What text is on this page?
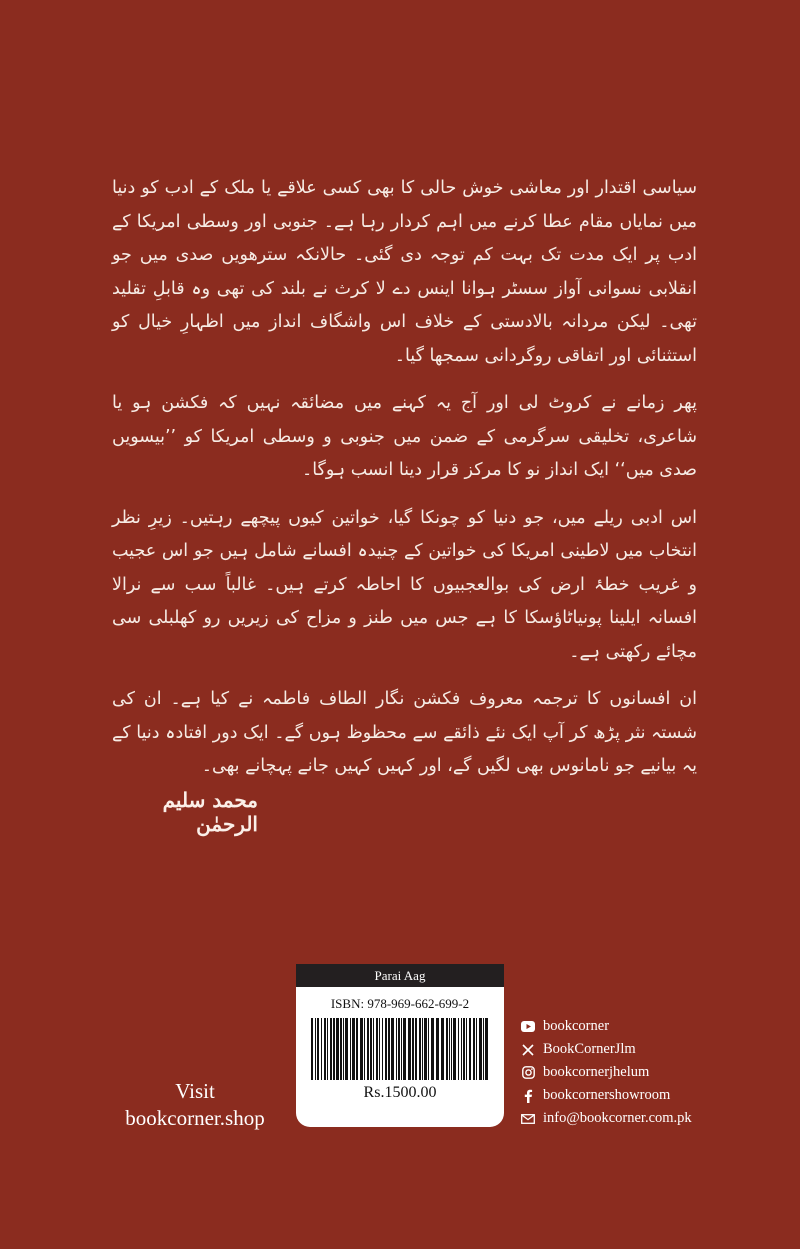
سیاسی اقتدار اور معاشی خوش حالی کا بھی کسی علاقے یا ملک کے ادب کو دنیا میں نمایاں مقام عطا کرنے میں اہم کردار رہا ہے۔ جنوبی اور وسطی امریکا کے ادب پر ایک مدت تک بہت کم توجہ دی گئی۔ حالانکہ سترھویں صدی میں جو انقلابی نسوانی آواز سسٹر ہوانا اینس دے لا کرث نے بلند کی تھی وہ قابلِ تقلید تھی۔ لیکن مردانہ بالادستی کے خلاف اس واشگاف انداز میں اظہارِ خیال کو استثنائی اور اتفاقی روگردانی سمجھا گیا۔

پھر زمانے نے کروٹ لی اور آج یہ کہنے میں مضائقہ نہیں کہ فکشن ہو یا شاعری، تخلیقی سرگرمی کے ضمن میں جنوبی و وسطی امریکا کو ’’بیسویں صدی میں‘‘ ایک انداز نو کا مرکز قرار دینا انسب ہوگا۔

اس ادبی ریلے میں، جو دنیا کو چونکا گیا، خواتین کیوں پیچھے رہتیں۔ زیرِ نظر انتخاب میں لاطینی امریکا کی خواتین کے چنیدہ افسانے شامل ہیں جو اس عجیب و غریب خطۂ ارض کی بوالعجبیوں کا احاطہ کرتے ہیں۔ غالباً سب سے نرالا افسانہ ایلینا پونیاٹاؤسکا کا ہے جس میں طنز و مزاح کی زیریں رو کھلبلی سی مچائے رکھتی ہے۔

ان افسانوں کا ترجمہ معروف فکشن نگار الطاف فاطمہ نے کیا ہے۔ ان کی شستہ نثر پڑھ کر آپ ایک نئے ذائقے سے محظوظ ہوں گے۔ ایک دور افتادہ دنیا کے یہ بیانیے جو نامانوس بھی لگیں گے، اور کہیں کہیں جانے پہچانے بھی۔

محمد سلیم الرحمٰن
Parai Aag
ISBN: 978-969-662-699-2
Rs.1500.00
Visit
bookcorner.shop
bookcorner
BookCornerJlm
bookcornerjhelum
bookcornershowroom
info@bookcorner.com.pk
